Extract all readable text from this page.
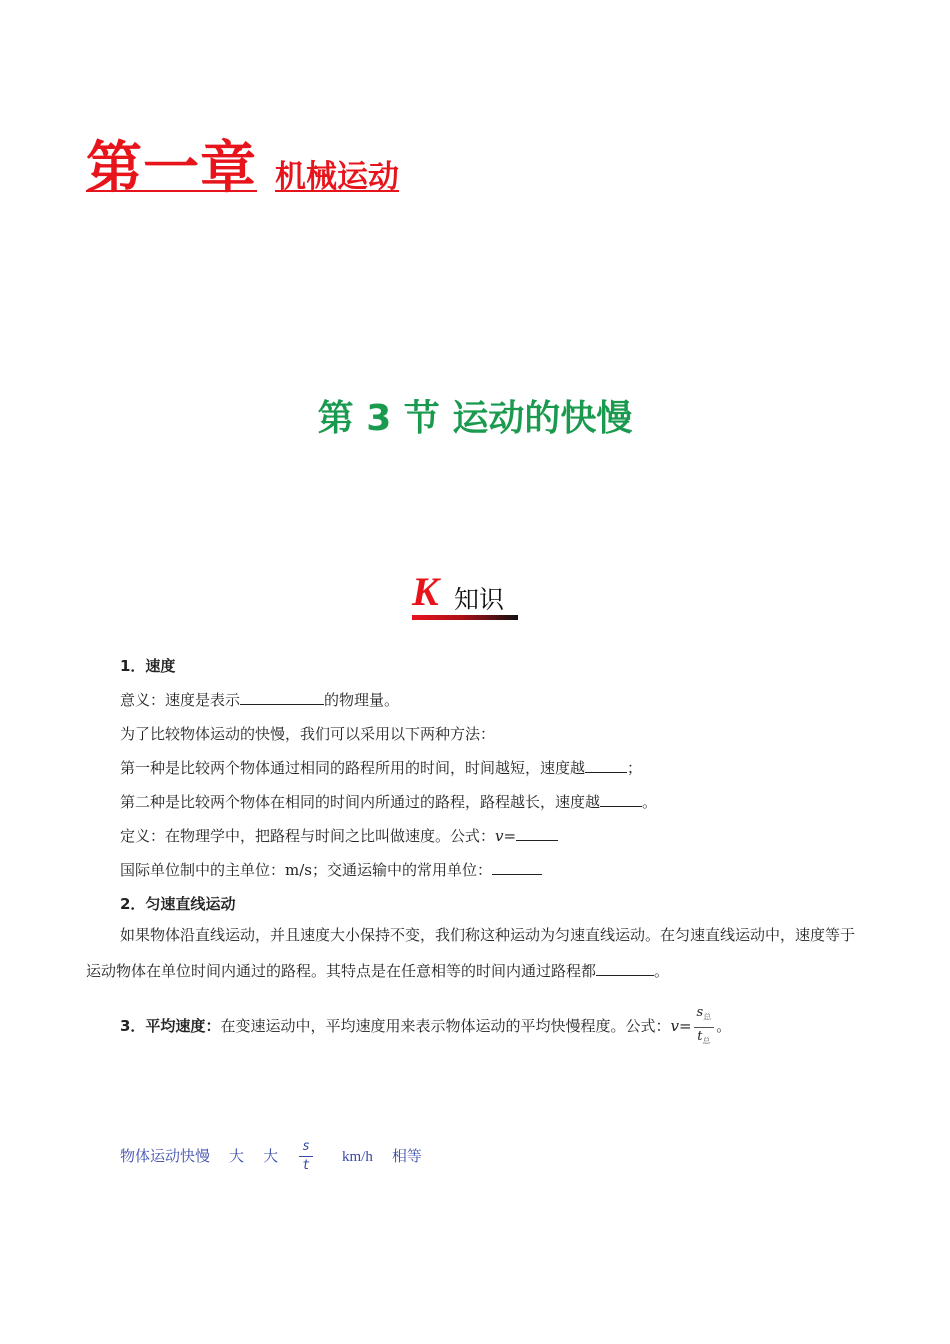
第一章 机械运动
第 3 节 运动的快慢
K 知识
1．速度
意义：速度是表示	的物理量。
为了比较物体运动的快慢，我们可以采用以下两种方法：
第一种是比较两个物体通过相同的路程所用的时间，时间越短，速度越	；
第二种是比较两个物体在相同的时间内所通过的路程，路程越长，速度越	。
定义：在物理学中，把路程与时间之比叫做速度。公式：v=
国际单位制中的主单位：m/s；交通运输中的常用单位：
2．匀速直线运动
如果物体沿直线运动，并且速度大小保持不变，我们称这种运动为匀速直线运动。在匀速直线运动中，速度等于运动物体在单位时间内通过的路程。其特点是在任意相等的时间内通过路程都	。
3．平均速度：在变速运动中，平均速度用来表示物体运动的平均快慢程度。公式：$v= \frac{s_总}{t_总}$ 。
物体运动快慢 大 大 $\frac{s}{t} km/h$ 相等
